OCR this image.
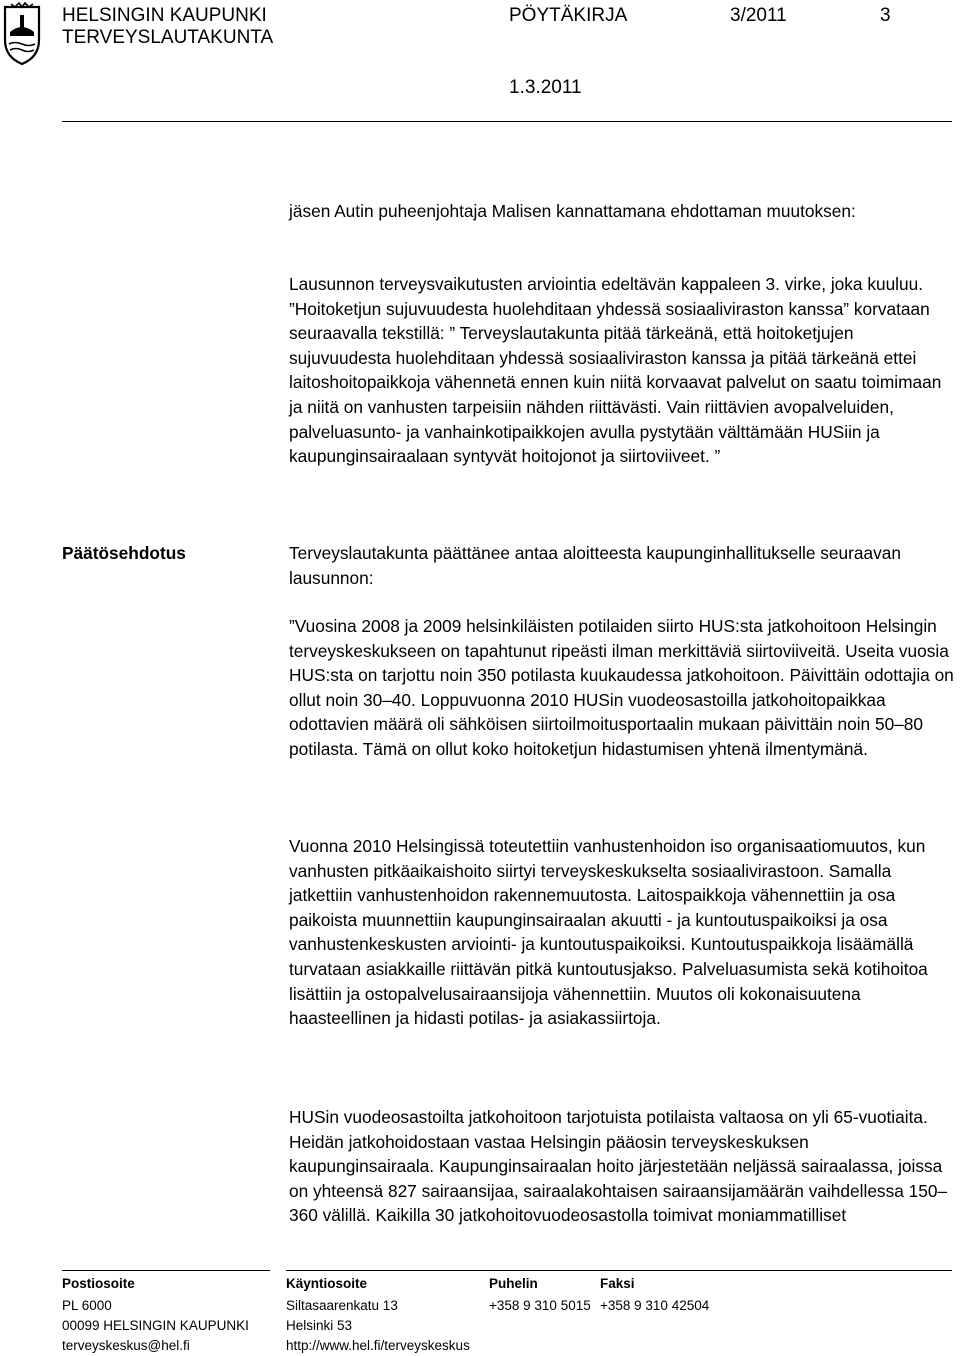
HELSINGIN KAUPUNKI
TERVEYSLAUTAKUNTA
PÖYTÄKIRJA	3/2011	3
1.3.2011

jäsen Autin puheenjohtaja Malisen kannattamana ehdottaman muutoksen:

Lausunnon terveysvaikutusten arviointia edeltävän kappaleen 3. virke, joka kuuluu. ”Hoitoketjun sujuvuudesta huolehditaan yhdessä sosiaaliviraston kanssa” korvataan seuraavalla tekstillä: ” Terveyslautakunta pitää tärkeänä, että hoitoketjujen sujuvuudesta huolehditaan yhdessä sosiaaliviraston kanssa ja pitää tärkeänä ettei laitoshoitopaikkoja vähennetä ennen kuin niitä korvaavat palvelut on saatu toimimaan ja niitä on vanhusten tarpeisiin nähden riittävästi. Vain riittävien avopalveluiden, palveluasunto- ja vanhainkotipaikkojen avulla pystytään välttämään HUSiin ja kaupunginsairaalaan syntyvät hoitojonot ja siirtoviiveet. ”

Päätösehdotus	Terveyslautakunta päättänee antaa aloitteesta kaupunginhallitukselle seuraavan lausunnon:

”Vuosina 2008 ja 2009 helsinkiläisten potilaiden siirto HUS:sta jatkohoitoon Helsingin terveyskeskukseen on tapahtunut ripeästi ilman merkittäviä siirtoviiveitä. Useita vuosia HUS:sta on tarjottu noin 350 potilasta kuukaudessa jatkohoitoon. Päivittäin odottajia on ollut noin 30–40. Loppuvuonna 2010 HUSin vuodeosastoilla jatkohoitopaikkaa odottavien määrä oli sähköisen siirtoilmoitusportaalin mukaan päivittäin noin 50–80 potilasta. Tämä on ollut koko hoitoketjun hidastumisen yhtenä ilmentymänä.

Vuonna 2010 Helsingissä toteutettiin vanhustenhoidon iso organisaatiomuutos, kun vanhusten pitkäaikaishoito siirtyi terveyskeskukselta sosiaalivirastoon. Samalla jatkettiin vanhustenhoidon rakennemuutosta. Laitospaikkoja vähennettiin ja osa paikoista muunnettiin kaupunginsairaalan akuutti - ja kuntoutuspaikoiksi ja osa vanhustenkeskusten arviointi- ja kuntoutuspaikoiksi. Kuntoutuspaikkoja lisäämällä turvataan asiakkaille riittävän pitkä kuntoutusjakso. Palveluasumista sekä kotihoitoa lisättiin ja ostopalvelusairaansijoja vähennettiin. Muutos oli kokonaisuutena haasteellinen ja hidasti potilas- ja asiakassiirtoja.

HUSin vuodeosastoilta jatkohoitoon tarjotuista potilaista valtaosa on yli 65-vuotiaita. Heidän jatkohoidostaan vastaa Helsingin pääosin terveyskeskuksen kaupunginsairaala. Kaupunginsairaalan hoito järjestetään neljässä sairaalassa, joissa on yhteensä 827 sairaansijaa, sairaalakohtaisen sairaansijamäärän vaihdellessa 150–360 välillä. Kaikilla 30 jatkohoitovuodeosastolla toimivat moniammatilliset

Postiosoite
PL 6000
00099 HELSINGIN KAUPUNKI
terveyskeskus@hel.fi
Käyntiosoite
Siltasaarenkatu 13
Helsinki 53
http://www.hel.fi/terveyskeskus
Puhelin
+358 9 310 5015
Faksi
+358 9 310 42504
